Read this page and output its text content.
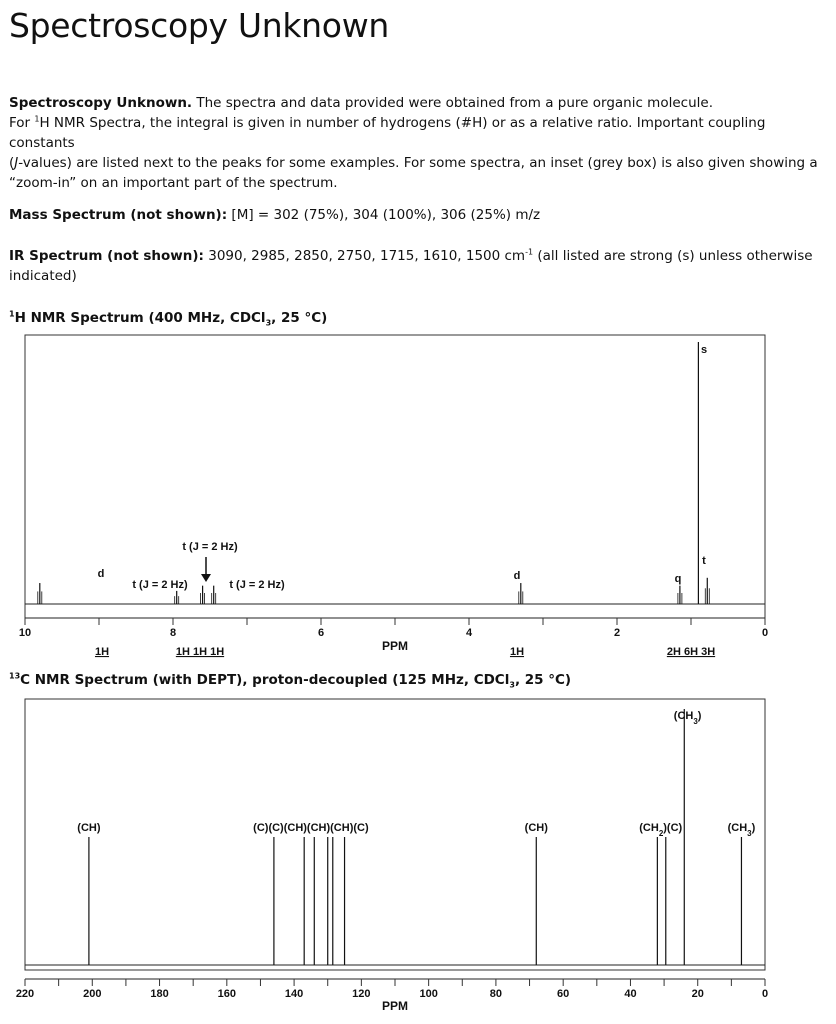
Spectroscopy Unknown
Spectroscopy Unknown. The spectra and data provided were obtained from a pure organic molecule.
For $^1$H NMR Spectra, the integral is given in number of hydrogens (#H) or as a relative ratio. Important coupling constants
(J-values) are listed next to the peaks for some examples. For some spectra, an inset (grey box) is also given showing a
“zoom-in” on an important part of the spectrum.
Mass Spectrum (not shown): [M] = 302 (75%), 304 (100%), 306 (25%) m/z
IR Spectrum (not shown): 3090, 2985, 2850, 2750, 1715, 1610, 1500 $cm^{-1}$ (all listed are strong (s) unless otherwise
indicated)
$^1$H NMR Spectrum (400 MHz, CDCl$_3$, 25 °C)
10	8	6	4	2	0
PPM
d
t (J = 2 Hz)
t (J = 2 Hz)	t (J = 2 Hz)
d	q
s
t
1H	1H 1H 1H	1H	2H 6H 3H
$^{13}$C NMR Spectrum (with DEPT), proton-decoupled (125 MHz, CDCl$_3$, 25 °C)
220	200	180	160	140	120	100	80	60	40	20	0
PPM
(CH)	(C)(C)(CH)(CH)(CH)(C)	(CH)	$(CH_2)(C)$
$(CH_3)$
$(CH_3)$
